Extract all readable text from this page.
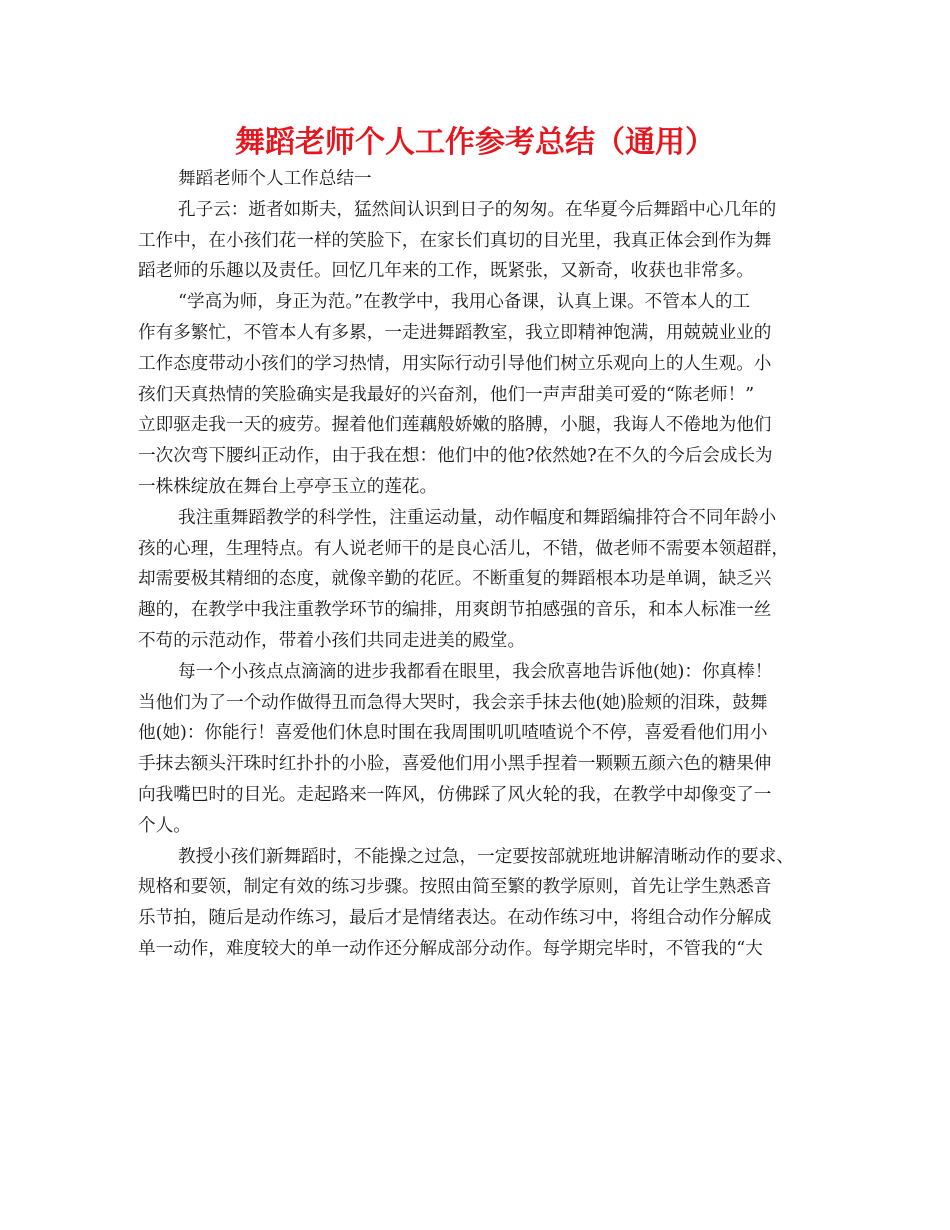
舞蹈老师个人工作参考总结（通用）

舞蹈老师个人工作总结一

孔子云：逝者如斯夫，猛然间认识到日子的匆匆。在华夏今后舞蹈中心几年的
工作中，在小孩们花一样的笑脸下，在家长们真切的目光里，我真正体会到作为舞
蹈老师的乐趣以及责任。回忆几年来的工作，既紧张，又新奇，收获也非常多。
“学高为师，身正为范。”在教学中，我用心备课，认真上课。不管本人的工
作有多繁忙，不管本人有多累，一走进舞蹈教室，我立即精神饱满，用兢兢业业的
工作态度带动小孩们的学习热情，用实际行动引导他们树立乐观向上的人生观。小
孩们天真热情的笑脸确实是我最好的兴奋剂，他们一声声甜美可爱的“陈老师！”
立即驱走我一天的疲劳。握着他们莲藕般娇嫩的胳膊，小腿，我诲人不倦地为他们
一次次弯下腰纠正动作，由于我在想：他们中的他?依然她?在不久的今后会成长为
一株株绽放在舞台上亭亭玉立的莲花。
我注重舞蹈教学的科学性，注重运动量，动作幅度和舞蹈编排符合不同年龄小
孩的心理，生理特点。有人说老师干的是良心活儿，不错，做老师不需要本领超群，
却需要极其精细的态度，就像辛勤的花匠。不断重复的舞蹈根本功是单调，缺乏兴
趣的，在教学中我注重教学环节的编排，用爽朗节拍感强的音乐，和本人标准一丝
不苟的示范动作，带着小孩们共同走进美的殿堂。
每一个小孩点点滴滴的进步我都看在眼里，我会欣喜地告诉他(她)：你真棒！
当他们为了一个动作做得丑而急得大哭时，我会亲手抹去他(她)脸颊的泪珠，鼓舞
他(她)：你能行！喜爱他们休息时围在我周围叽叽喳喳说个不停，喜爱看他们用小
手抹去额头汗珠时红扑扑的小脸，喜爱他们用小黑手捏着一颗颗五颜六色的糖果伸
向我嘴巴时的目光。走起路来一阵风，仿佛踩了风火轮的我，在教学中却像变了一
个人。
教授小孩们新舞蹈时，不能操之过急，一定要按部就班地讲解清晰动作的要求、
规格和要领，制定有效的练习步骤。按照由简至繁的教学原则，首先让学生熟悉音
乐节拍，随后是动作练习，最后才是情绪表达。在动作练习中，将组合动作分解成
单一动作，难度较大的单一动作还分解成部分动作。每学期完毕时，不管我的“大
